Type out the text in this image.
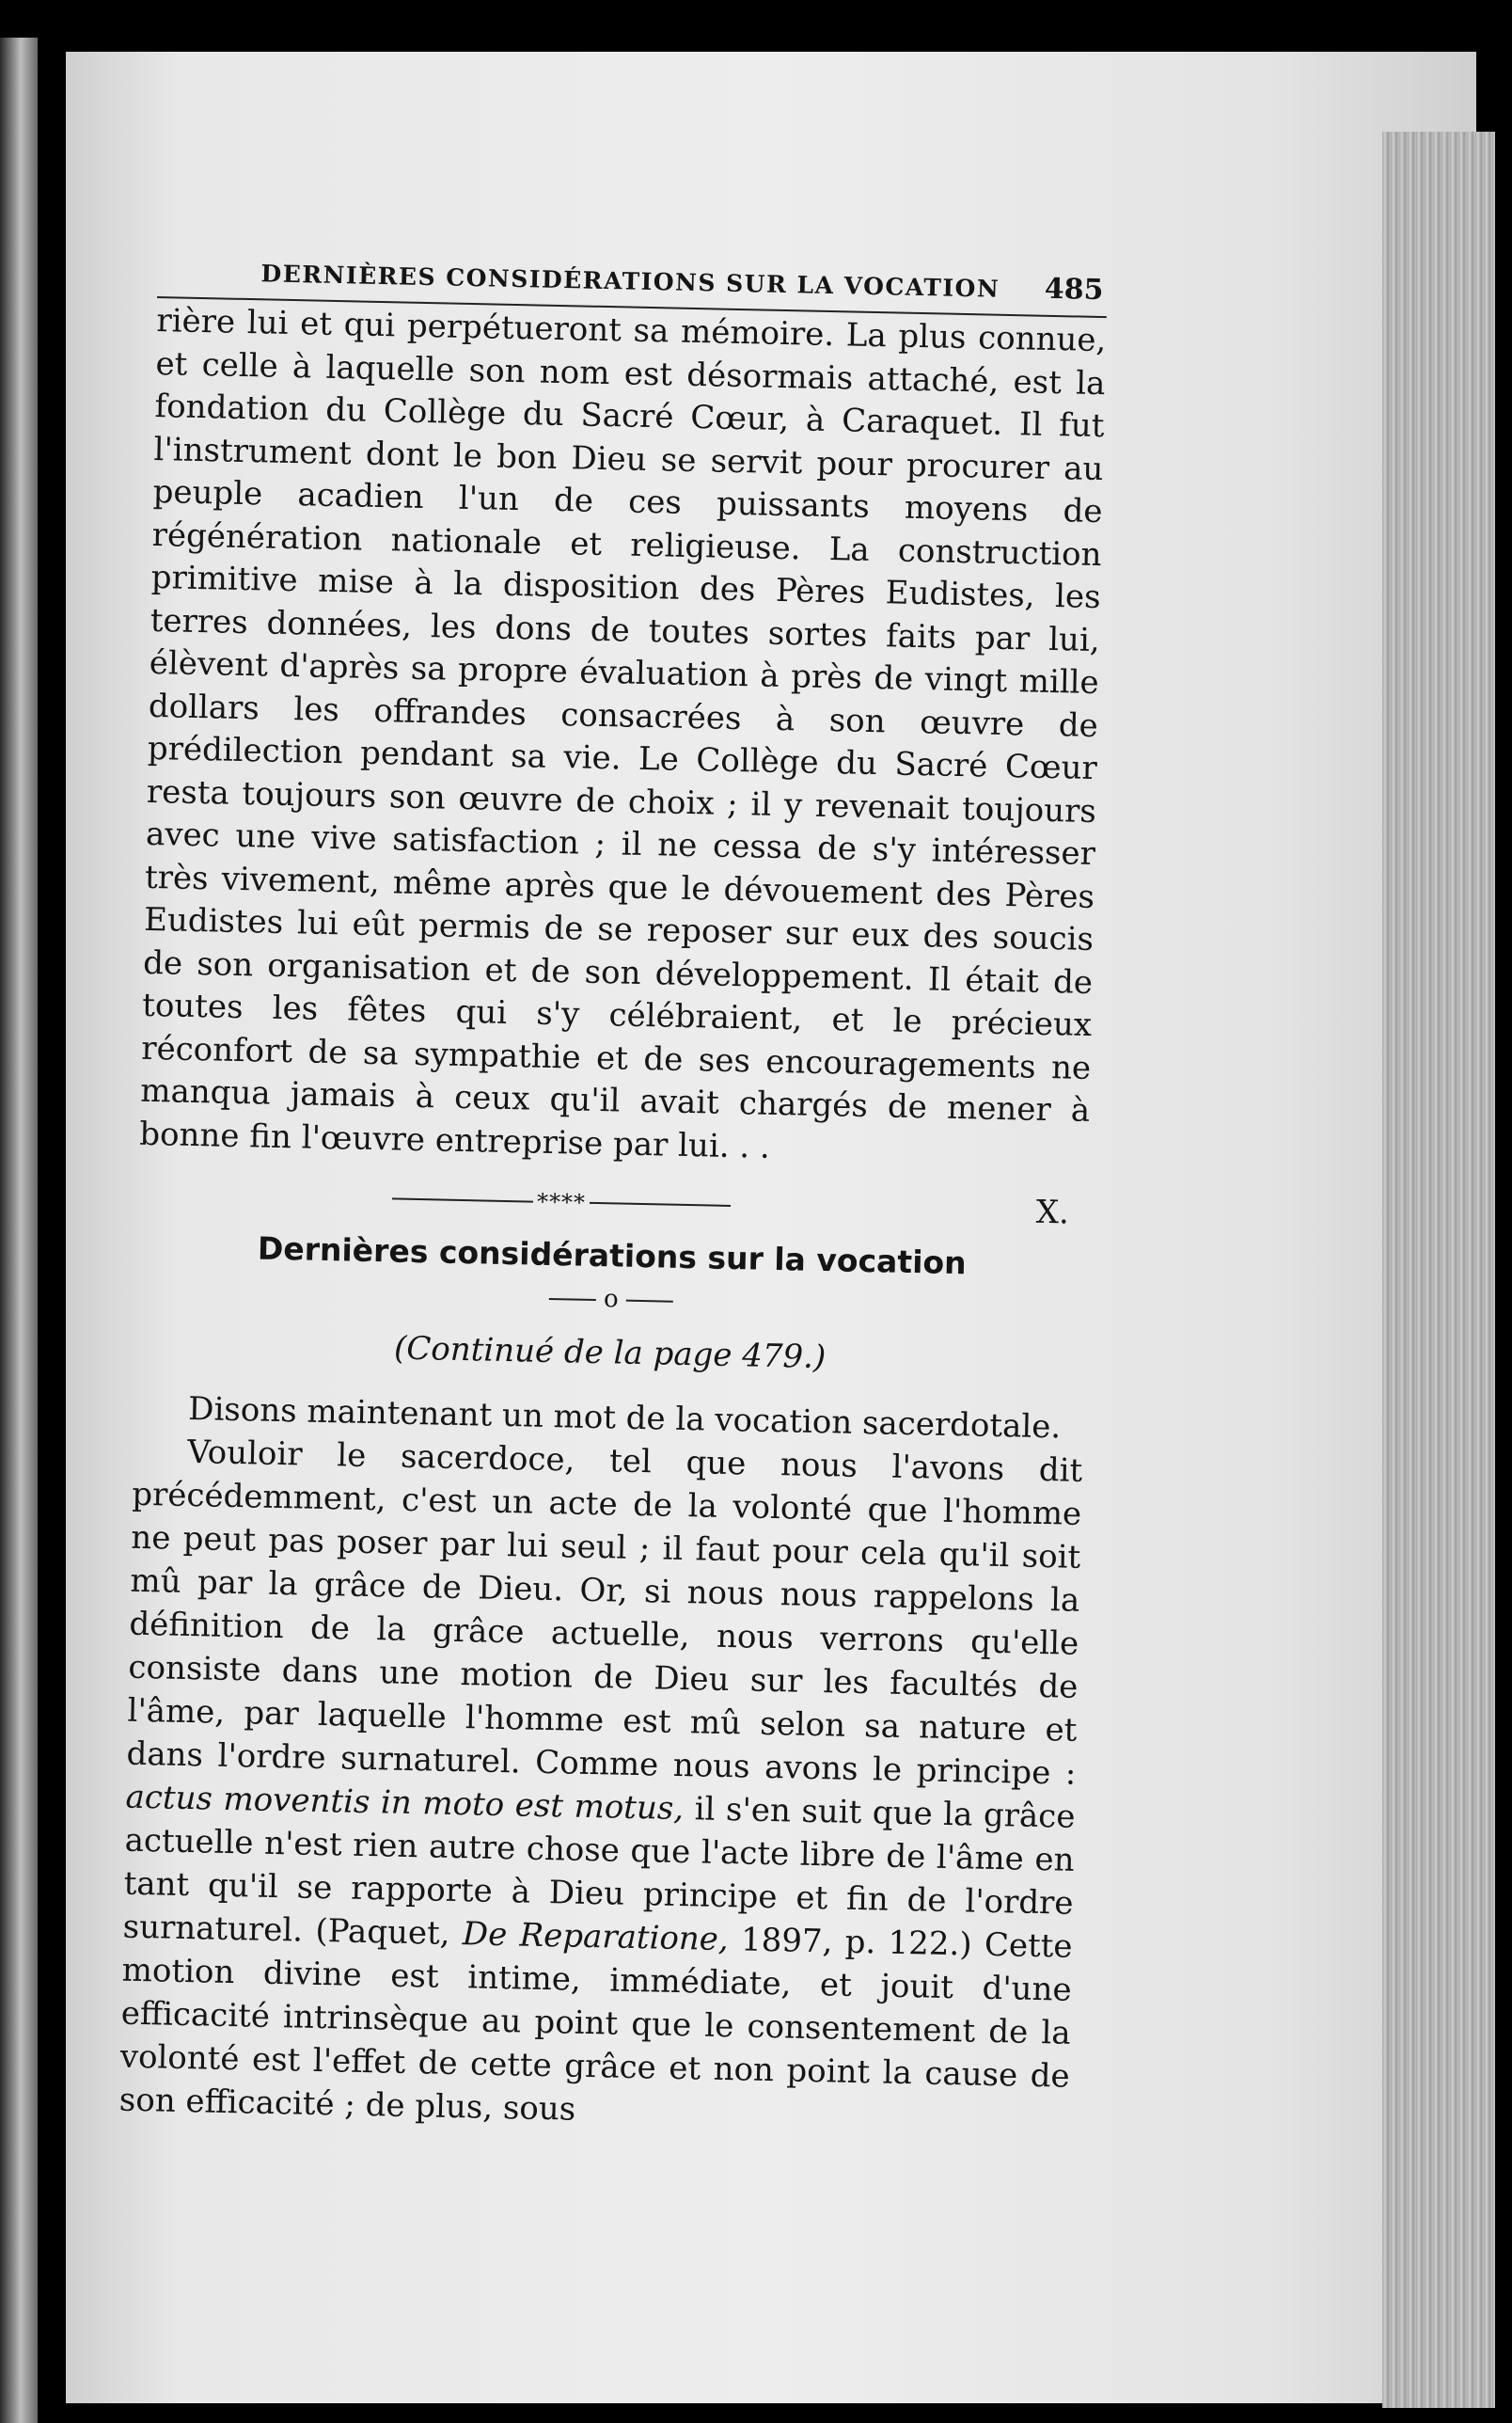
DERNIÈRES CONSIDÉRATIONS SUR LA VOCATION 485

rière lui et qui perpétueront sa mémoire. La plus connue, et celle à laquelle son nom est désormais attaché, est la fondation du Collège du Sacré Cœur, à Caraquet. Il fut l'instrument dont le bon Dieu se servit pour procurer au peuple acadien l'un de ces puissants moyens de régénération nationale et religieuse. La construction primitive mise à la disposition des Pères Eudistes, les terres données, les dons de toutes sortes faits par lui, élèvent d'après sa propre évaluation à près de vingt mille dollars les offrandes consacrées à son œuvre de prédilection pendant sa vie. Le Collège du Sacré Cœur resta toujours son œuvre de choix ; il y revenait toujours avec une vive satisfaction ; il ne cessa de s'y intéresser très vivement, même après que le dévouement des Pères Eudistes lui eût permis de se reposer sur eux des soucis de son organisation et de son développement. Il était de toutes les fêtes qui s'y célébraient, et le précieux réconfort de sa sympathie et de ses encouragements ne manqua jamais à ceux qu'il avait chargés de mener à bonne fin l'œuvre entreprise par lui. . .

****	X.
Dernières considérations sur la vocation
o
(Continué de la page 479.)

Disons maintenant un mot de la vocation sacerdotale.

Vouloir le sacerdoce, tel que nous l'avons dit précédemment, c'est un acte de la volonté que l'homme ne peut pas poser par lui seul ; il faut pour cela qu'il soit mû par la grâce de Dieu. Or, si nous nous rappelons la définition de la grâce actuelle, nous verrons qu'elle consiste dans une motion de Dieu sur les facultés de l'âme, par laquelle l'homme est mû selon sa nature et dans l'ordre surnaturel. Comme nous avons le principe : actus moventis in moto est motus, il s'en suit que la grâce actuelle n'est rien autre chose que l'acte libre de l'âme en tant qu'il se rapporte à Dieu principe et fin de l'ordre surnaturel. (Paquet, De Reparatione, 1897, p. 122.) Cette motion divine est intime, immédiate, et jouit d'une efficacité intrinsèque au point que le consentement de la volonté est l'effet de cette grâce et non point la cause de son efficacité ; de plus, sous
